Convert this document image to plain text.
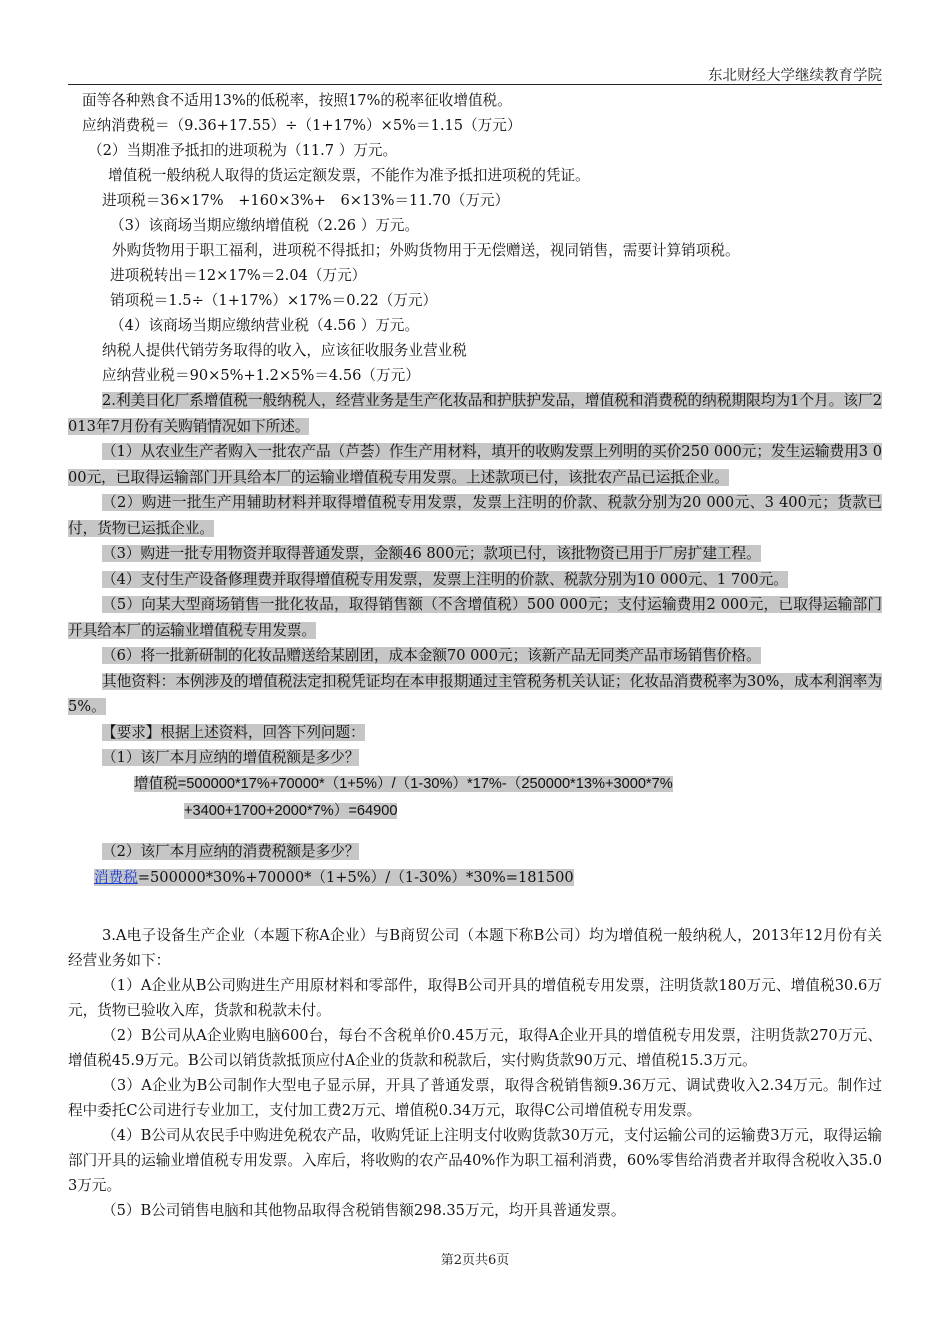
东北财经大学继续教育学院
面等各种熟食不适用13%的低税率，按照17%的税率征收增值税。
应纳消费税＝（9.36+17.55）÷（1+17%）×5%＝1.15（万元）
（2）当期准予抵扣的进项税为（11.7 ）万元。
增值税一般纳税人取得的货运定额发票，不能作为准予抵扣进项税的凭证。
进项税＝36×17%　+160×3%+　6×13%＝11.70（万元）
（3）该商场当期应缴纳增值税（2.26 ）万元。
外购货物用于职工福利，进项税不得抵扣；外购货物用于无偿赠送，视同销售，需要计算销项税。
进项税转出＝12×17%＝2.04（万元）
销项税＝1.5÷（1+17%）×17%＝0.22（万元）
（4）该商场当期应缴纳营业税（4.56 ）万元。
纳税人提供代销劳务取得的收入，应该征收服务业营业税
应纳营业税＝90×5%+1.2×5%＝4.56（万元）
2.利美日化厂系增值税一般纳税人，经营业务是生产化妆品和护肤护发品，增值税和消费税的纳税期限均为1个月。该厂2013年7月份有关购销情况如下所述。
（1）从农业生产者购入一批农产品（芦荟）作生产用材料，填开的收购发票上列明的买价250 000元；发生运输费用3 000元，已取得运输部门开具给本厂的运输业增值税专用发票。上述款项已付，该批农产品已运抵企业。
（2）购进一批生产用辅助材料并取得增值税专用发票，发票上注明的价款、税款分别为20 000元、3 400元；货款已付，货物已运抵企业。
（3）购进一批专用物资并取得普通发票，金额46 800元；款项已付，该批物资已用于厂房扩建工程。
（4）支付生产设备修理费并取得增值税专用发票，发票上注明的价款、税款分别为10 000元、1 700元。
（5）向某大型商场销售一批化妆品，取得销售额（不含增值税）500 000元；支付运输费用2 000元，已取得运输部门开具给本厂的运输业增值税专用发票。
（6）将一批新研制的化妆品赠送给某剧团，成本金额70 000元；该新产品无同类产品市场销售价格。
其他资料：本例涉及的增值税法定扣税凭证均在本申报期通过主管税务机关认证；化妆品消费税率为30%，成本利润率为5%。
【要求】根据上述资料，回答下列问题：
（1）该厂本月应纳的增值税额是多少？
增值税=500000*17%+70000*（1+5%）/（1-30%）*17%-（250000*13%+3000*7%
+3400+1700+2000*7%）=64900
（2）该厂本月应纳的消费税额是多少？
消费税=500000*30%+70000*（1+5%）/（1-30%）*30%=181500
3.A电子设备生产企业（本题下称A企业）与B商贸公司（本题下称B公司）均为增值税一般纳税人，2013年12月份有关经营业务如下：
（1）A企业从B公司购进生产用原材料和零部件，取得B公司开具的增值税专用发票，注明货款180万元、增值税30.6万元，货物已验收入库，货款和税款未付。
（2）B公司从A企业购电脑600台，每台不含税单价0.45万元，取得A企业开具的增值税专用发票，注明货款270万元、增值税45.9万元。B公司以销货款抵顶应付A企业的货款和税款后，实付购货款90万元、增值税15.3万元。
（3）A企业为B公司制作大型电子显示屏，开具了普通发票，取得含税销售额9.36万元、调试费收入2.34万元。制作过程中委托C公司进行专业加工，支付加工费2万元、增值税0.34万元，取得C公司增值税专用发票。
（4）B公司从农民手中购进免税农产品，收购凭证上注明支付收购货款30万元，支付运输公司的运输费3万元，取得运输部门开具的运输业增值税专用发票。入库后，将收购的农产品40%作为职工福利消费，60%零售给消费者并取得含税收入35.03万元。
（5）B公司销售电脑和其他物品取得含税销售额298.35万元，均开具普通发票。
第2页共6页
